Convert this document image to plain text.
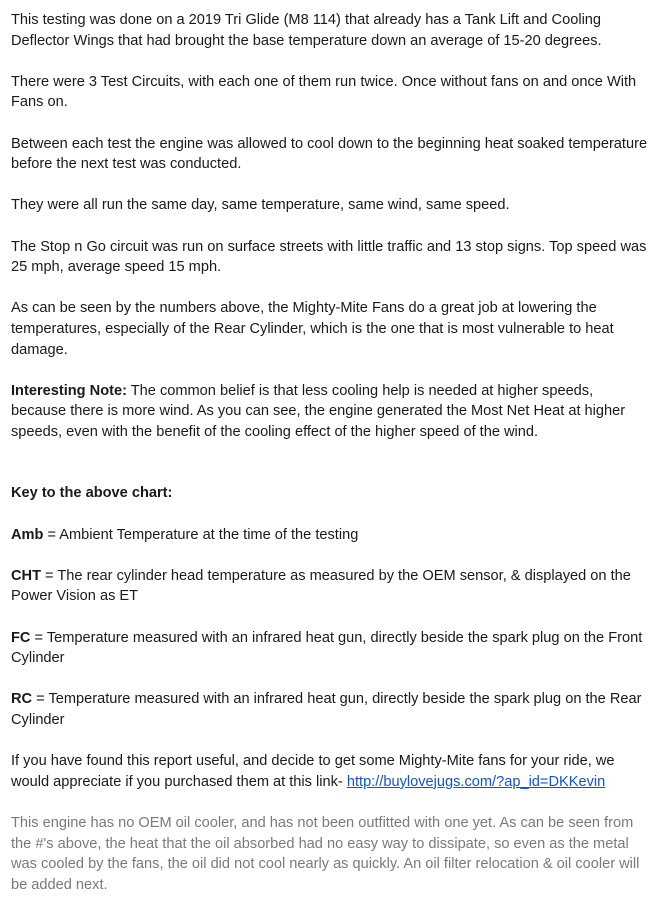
This testing was done on a 2019 Tri Glide (M8 114) that already has a Tank Lift and Cooling Deflector Wings that had brought the base temperature down an average of 15-20 degrees.

There were 3 Test Circuits, with each one of them run twice. Once without fans on and once With Fans on.

Between each test the engine was allowed to cool down to the beginning heat soaked temperature before the next test was conducted.

They were all run the same day, same temperature, same wind, same speed.

The Stop n Go circuit was run on surface streets with little traffic and 13 stop signs. Top speed was 25 mph, average speed 15 mph.

As can be seen by the numbers above, the Mighty-Mite Fans do a great job at lowering the temperatures, especially of the Rear Cylinder, which is the one that is most vulnerable to heat damage.

Interesting Note: The common belief is that less cooling help is needed at higher speeds, because there is more wind. As you can see, the engine generated the Most Net Heat at higher speeds, even with the benefit of the cooling effect of the higher speed of the wind.

Key to the above chart:

Amb = Ambient Temperature at the time of the testing

CHT = The rear cylinder head temperature as measured by the OEM sensor, & displayed on the Power Vision as ET

FC = Temperature measured with an infrared heat gun, directly beside the spark plug on the Front Cylinder

RC = Temperature measured with an infrared heat gun, directly beside the spark plug on the Rear Cylinder

If you have found this report useful, and decide to get some Mighty-Mite fans for your ride, we would appreciate if you purchased them at this link- http://buylovejugs.com/?ap_id=DKKevin

This engine has no OEM oil cooler, and has not been outfitted with one yet. As can be seen from the #'s above, the heat that the oil absorbed had no easy way to dissipate, so even as the metal was cooled by the fans, the oil did not cool nearly as quickly. An oil filter relocation & oil cooler will be added next.
